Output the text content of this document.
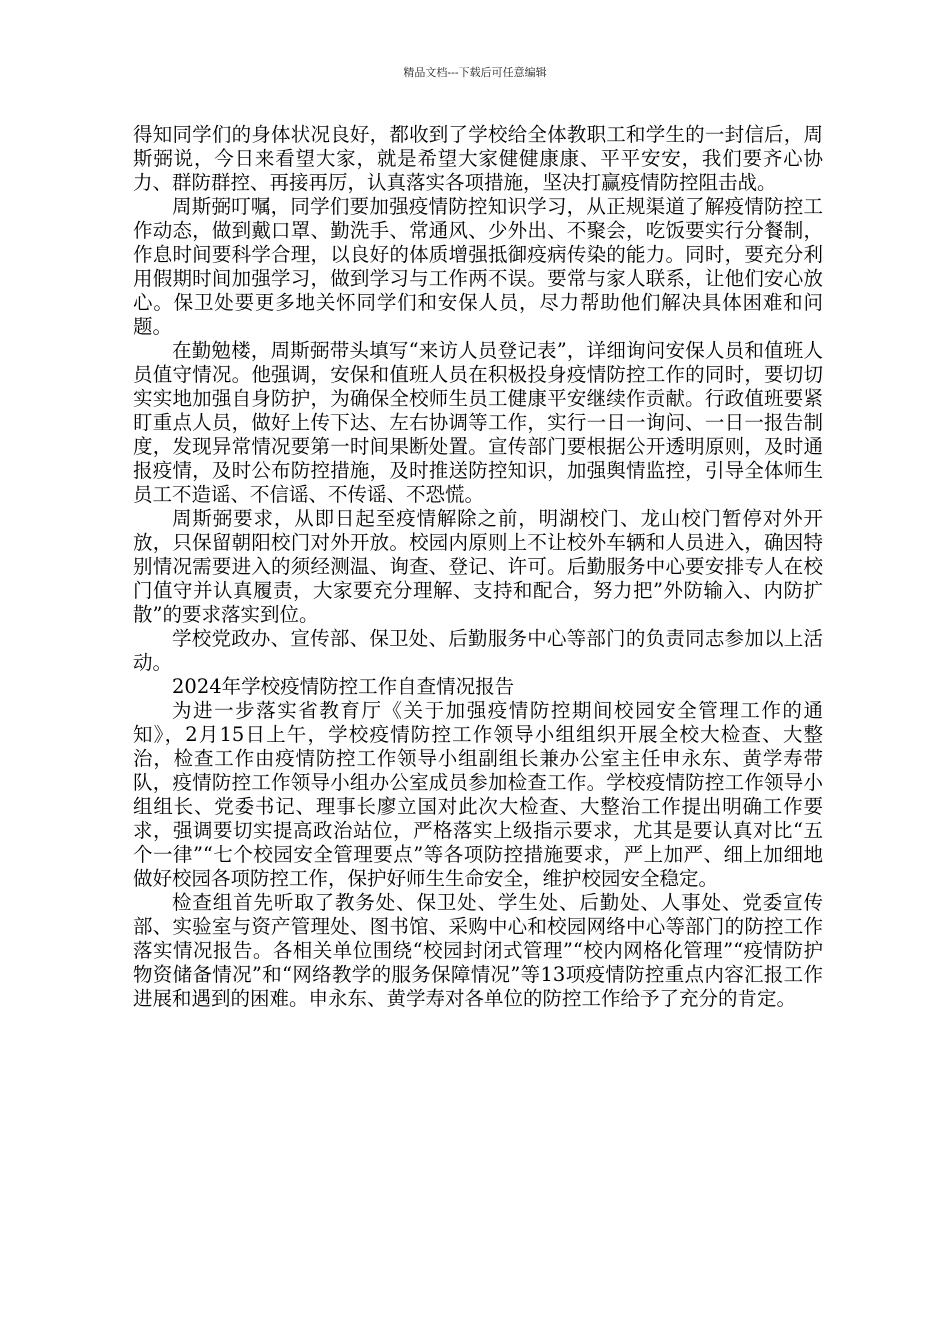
精品文档---下载后可任意编辑

得知同学们的身体状况良好，都收到了学校给全体教职工和学生的一封信后，周斯弼说，今日来看望大家，就是希望大家健健康康、平平安安，我们要齐心协力、群防群控、再接再厉，认真落实各项措施，坚决打赢疫情防控阻击战。

周斯弼叮嘱，同学们要加强疫情防控知识学习，从正规渠道了解疫情防控工作动态，做到戴口罩、勤洗手、常通风、少外出、不聚会，吃饭要实行分餐制，作息时间要科学合理，以良好的体质增强抵御疫病传染的能力。同时，要充分利用假期时间加强学习，做到学习与工作两不误。要常与家人联系，让他们安心放心。保卫处要更多地关怀同学们和安保人员，尽力帮助他们解决具体困难和问题。

在勤勉楼，周斯弼带头填写“来访人员登记表”，详细询问安保人员和值班人员值守情况。他强调，安保和值班人员在积极投身疫情防控工作的同时，要切切实实地加强自身防护，为确保全校师生员工健康平安继续作贡献。行政值班要紧盯重点人员，做好上传下达、左右协调等工作，实行一日一询问、一日一报告制度，发现异常情况要第一时间果断处置。宣传部门要根据公开透明原则，及时通报疫情，及时公布防控措施，及时推送防控知识，加强舆情监控，引导全体师生员工不造谣、不信谣、不传谣、不恐慌。

周斯弼要求，从即日起至疫情解除之前，明湖校门、龙山校门暂停对外开放，只保留朝阳校门对外开放。校园内原则上不让校外车辆和人员进入，确因特别情况需要进入的须经测温、询查、登记、许可。后勤服务中心要安排专人在校门值守并认真履责，大家要充分理解、支持和配合，努力把”外防输入、内防扩散”的要求落实到位。

学校党政办、宣传部、保卫处、后勤服务中心等部门的负责同志参加以上活动。

2024年学校疫情防控工作自查情况报告

为进一步落实省教育厅《关于加强疫情防控期间校园安全管理工作的通知》，2月15日上午，学校疫情防控工作领导小组组织开展全校大检查、大整治，检查工作由疫情防控工作领导小组副组长兼办公室主任申永东、黄学寿带队，疫情防控工作领导小组办公室成员参加检查工作。学校疫情防控工作领导小组组长、党委书记、理事长廖立国对此次大检查、大整治工作提出明确工作要求，强调要切实提高政治站位，严格落实上级指示要求，尤其是要认真对比“五个一律”“七个校园安全管理要点”等各项防控措施要求，严上加严、细上加细地做好校园各项防控工作，保护好师生生命安全，维护校园安全稳定。

检查组首先听取了教务处、保卫处、学生处、后勤处、人事处、党委宣传部、实验室与资产管理处、图书馆、采购中心和校园网络中心等部门的防控工作落实情况报告。各相关单位围绕“校园封闭式管理”“校内网格化管理”“疫情防护物资储备情况”和“网络教学的服务保障情况”等13项疫情防控重点内容汇报工作进展和遇到的困难。申永东、黄学寿对各单位的防控工作给予了充分的肯定。
